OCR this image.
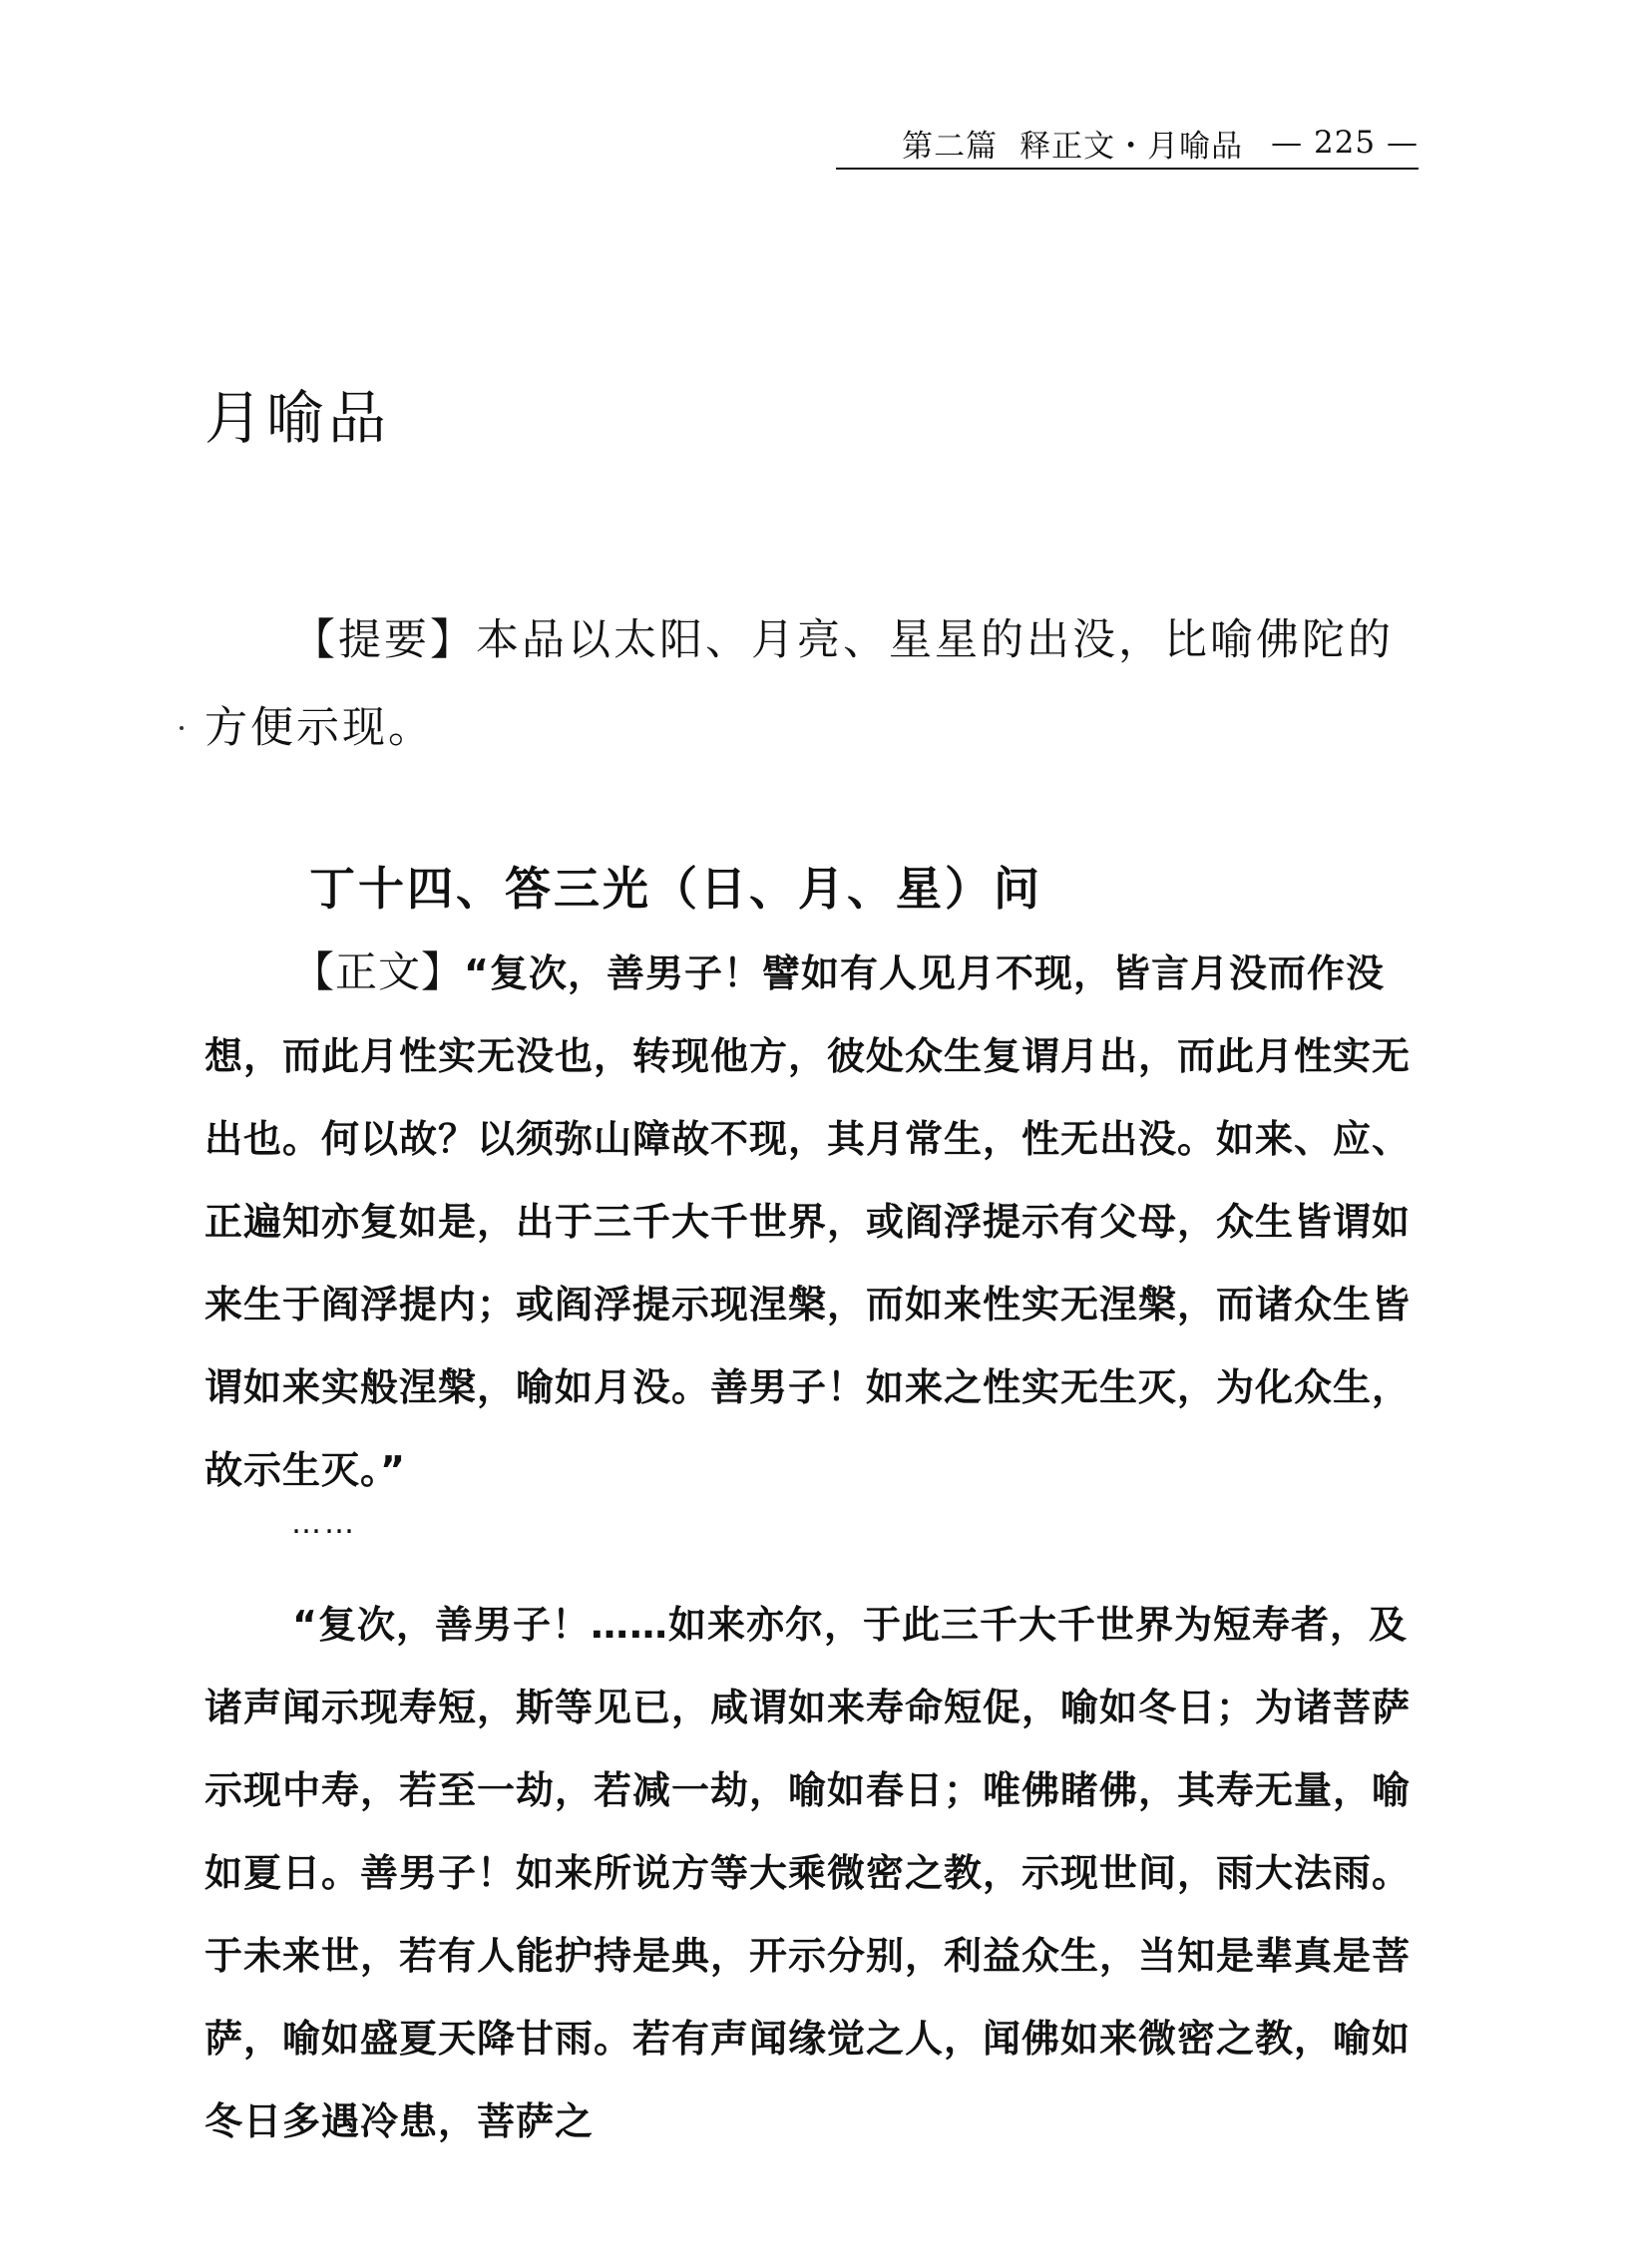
第二篇 释正文・月喻品 — 225 —
月喻品

【提要】本品以太阳、月亮、星星的出没，比喻佛陀的方便示现。

丁十四、答三光（日、月、星）问

【正文】“复次，善男子！譬如有人见月不现，皆言月没而作没想，而此月性实无没也，转现他方，彼处众生复谓月出，而此月性实无出也。何以故？以须弥山障故不现，其月常生，性无出没。如来、应、正遍知亦复如是，出于三千大千世界，或阎浮提示有父母，众生皆谓如来生于阎浮提内；或阎浮提示现涅槃，而如来性实无涅槃，而诸众生皆谓如来实般涅槃，喻如月没。善男子！如来之性实无生灭，为化众生，故示生灭。”

……

“复次，善男子！……如来亦尔，于此三千大千世界为短寿者，及诸声闻示现寿短，斯等见已，咸谓如来寿命短促，喻如冬日；为诸菩萨示现中寿，若至一劫，若减一劫，喻如春日；唯佛睹佛，其寿无量，喻如夏日。善男子！如来所说方等大乘微密之教，示现世间，雨大法雨。于未来世，若有人能护持是典，开示分别，利益众生，当知是辈真是菩萨，喻如盛夏天降甘雨。若有声闻缘觉之人，闻佛如来微密之教，喻如冬日多遇冷患，菩萨之
